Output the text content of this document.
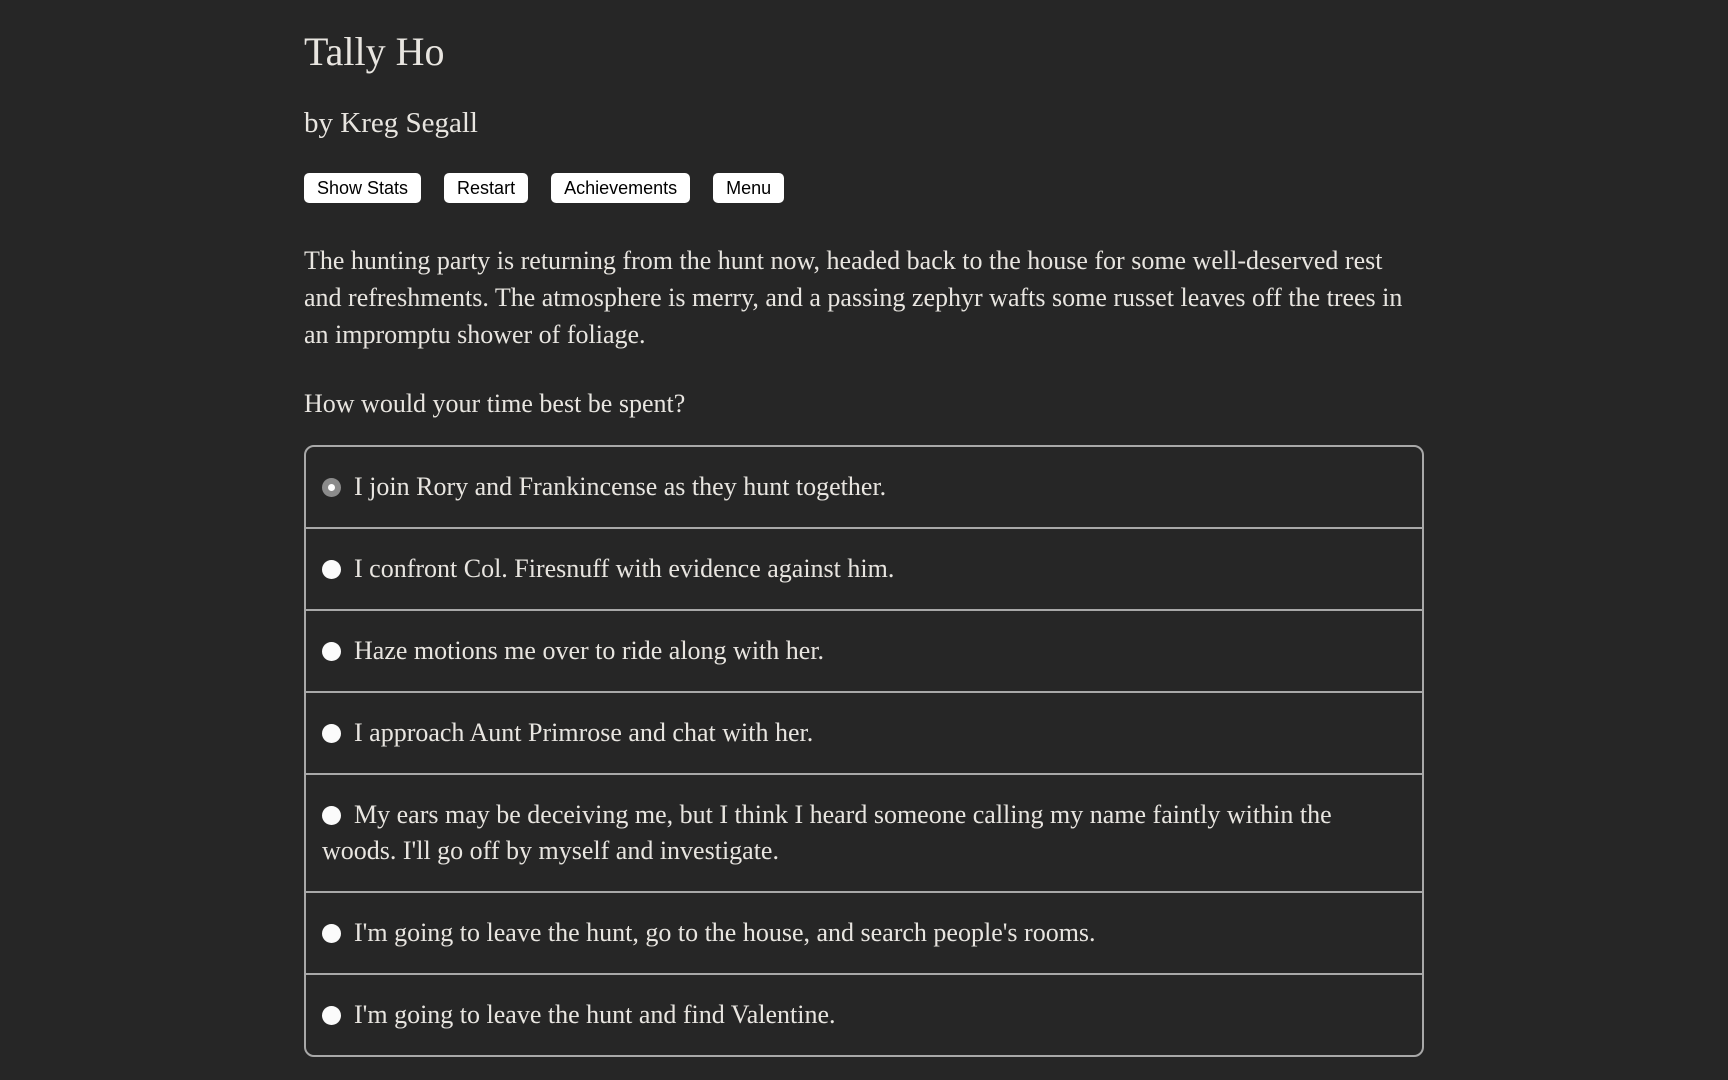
Tally Ho
by Kreg Segall
Show Stats	Restart	Achievements	Menu
The hunting party is returning from the hunt now, headed back to the house for some well-deserved rest and refreshments. The atmosphere is merry, and a passing zephyr wafts some russet leaves off the trees in an impromptu shower of foliage.
How would your time best be spent?
I join Rory and Frankincense as they hunt together.
I confront Col. Firesnuff with evidence against him.
Haze motions me over to ride along with her.
I approach Aunt Primrose and chat with her.
My ears may be deceiving me, but I think I heard someone calling my name faintly within the woods. I'll go off by myself and investigate.
I'm going to leave the hunt, go to the house, and search people's rooms.
I'm going to leave the hunt and find Valentine.
